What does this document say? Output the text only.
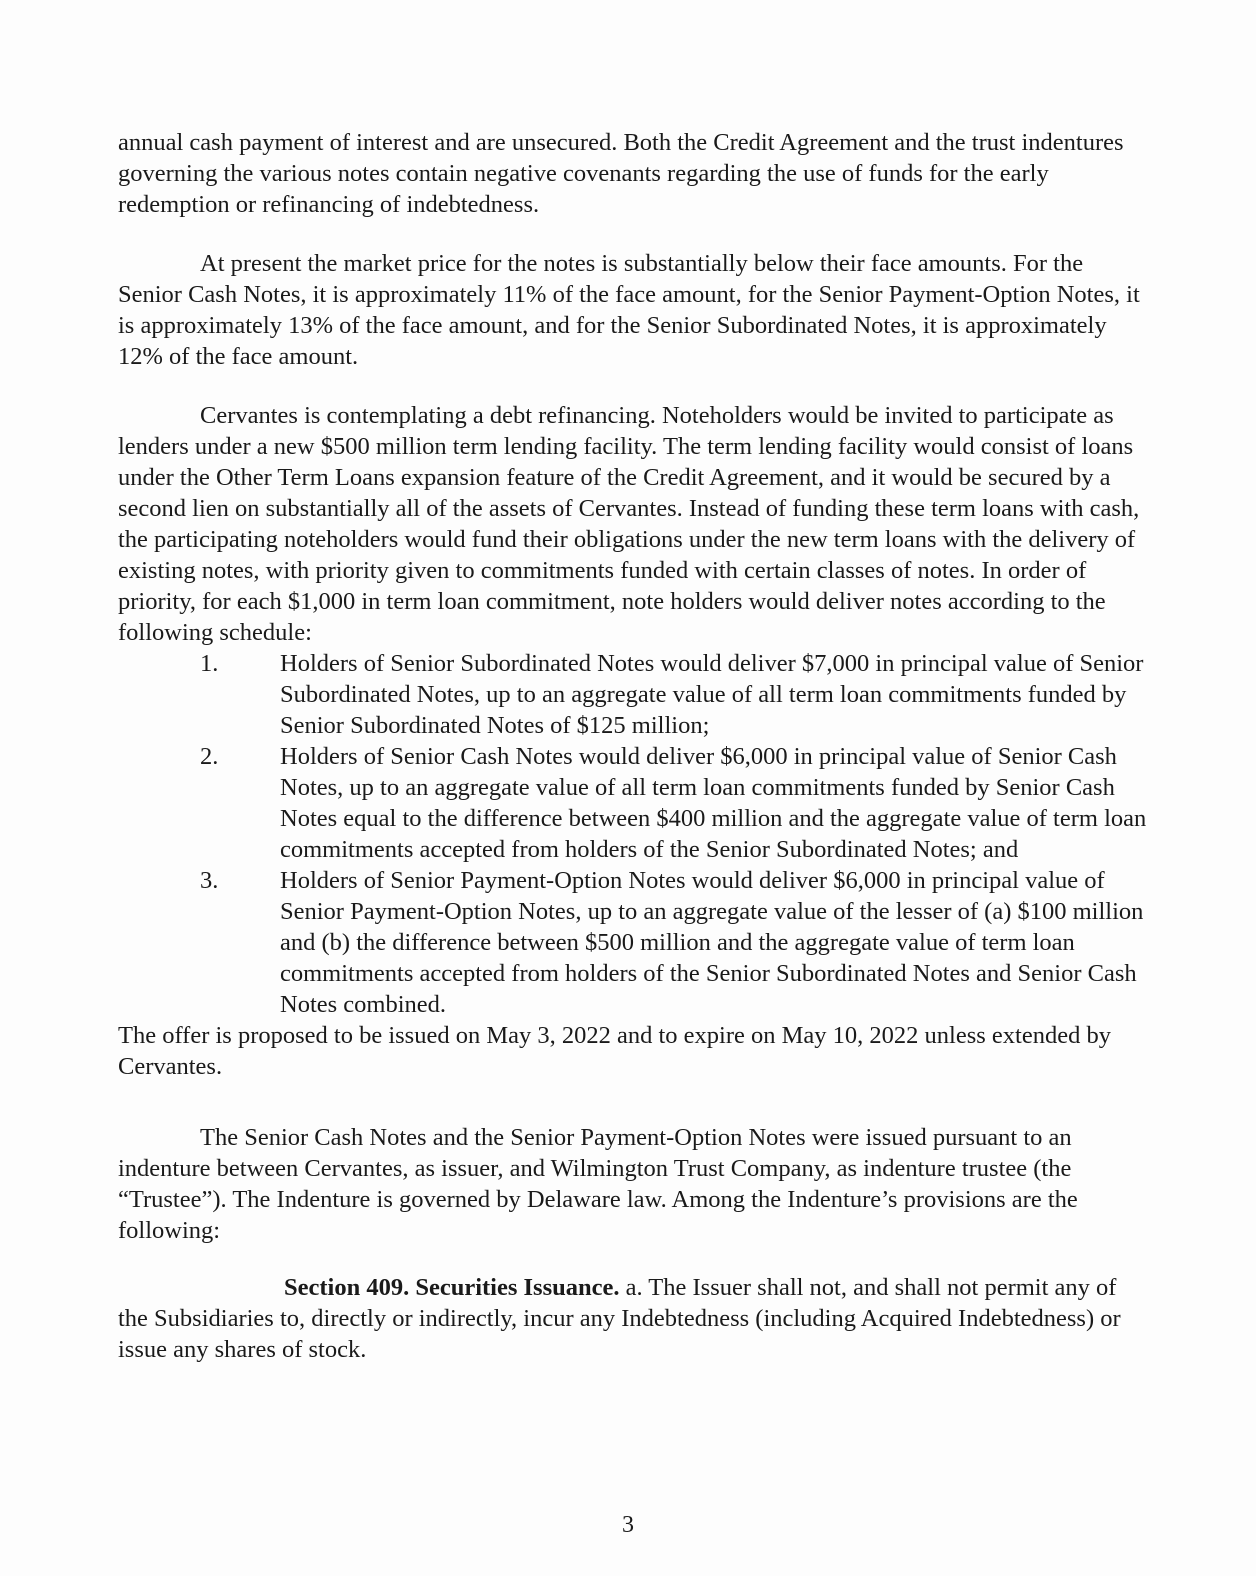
annual cash payment of interest and are unsecured. Both the Credit Agreement and the trust indentures governing the various notes contain negative covenants regarding the use of funds for the early redemption or refinancing of indebtedness.

At present the market price for the notes is substantially below their face amounts. For the Senior Cash Notes, it is approximately 11% of the face amount, for the Senior Payment-Option Notes, it is approximately 13% of the face amount, and for the Senior Subordinated Notes, it is approximately 12% of the face amount.

Cervantes is contemplating a debt refinancing. Noteholders would be invited to participate as lenders under a new $500 million term lending facility. The term lending facility would consist of loans under the Other Term Loans expansion feature of the Credit Agreement, and it would be secured by a second lien on substantially all of the assets of Cervantes. Instead of funding these term loans with cash, the participating noteholders would fund their obligations under the new term loans with the delivery of existing notes, with priority given to commitments funded with certain classes of notes. In order of priority, for each $1,000 in term loan commitment, note holders would deliver notes according to the following schedule:

1.	Holders of Senior Subordinated Notes would deliver $7,000 in principal value of Senior Subordinated Notes, up to an aggregate value of all term loan commitments funded by Senior Subordinated Notes of $125 million;
2.	Holders of Senior Cash Notes would deliver $6,000 in principal value of Senior Cash Notes, up to an aggregate value of all term loan commitments funded by Senior Cash Notes equal to the difference between $400 million and the aggregate value of term loan commitments accepted from holders of the Senior Subordinated Notes; and
3.	Holders of Senior Payment-Option Notes would deliver $6,000 in principal value of Senior Payment-Option Notes, up to an aggregate value of the lesser of (a) $100 million and (b) the difference between $500 million and the aggregate value of term loan commitments accepted from holders of the Senior Subordinated Notes and Senior Cash Notes combined.

The offer is proposed to be issued on May 3, 2022 and to expire on May 10, 2022 unless extended by Cervantes.

The Senior Cash Notes and the Senior Payment-Option Notes were issued pursuant to an indenture between Cervantes, as issuer, and Wilmington Trust Company, as indenture trustee (the “Trustee”). The Indenture is governed by Delaware law. Among the Indenture’s provisions are the following:

Section 409. Securities Issuance. a. The Issuer shall not, and shall not permit any of the Subsidiaries to, directly or indirectly, incur any Indebtedness (including Acquired Indebtedness) or issue any shares of stock.

3
